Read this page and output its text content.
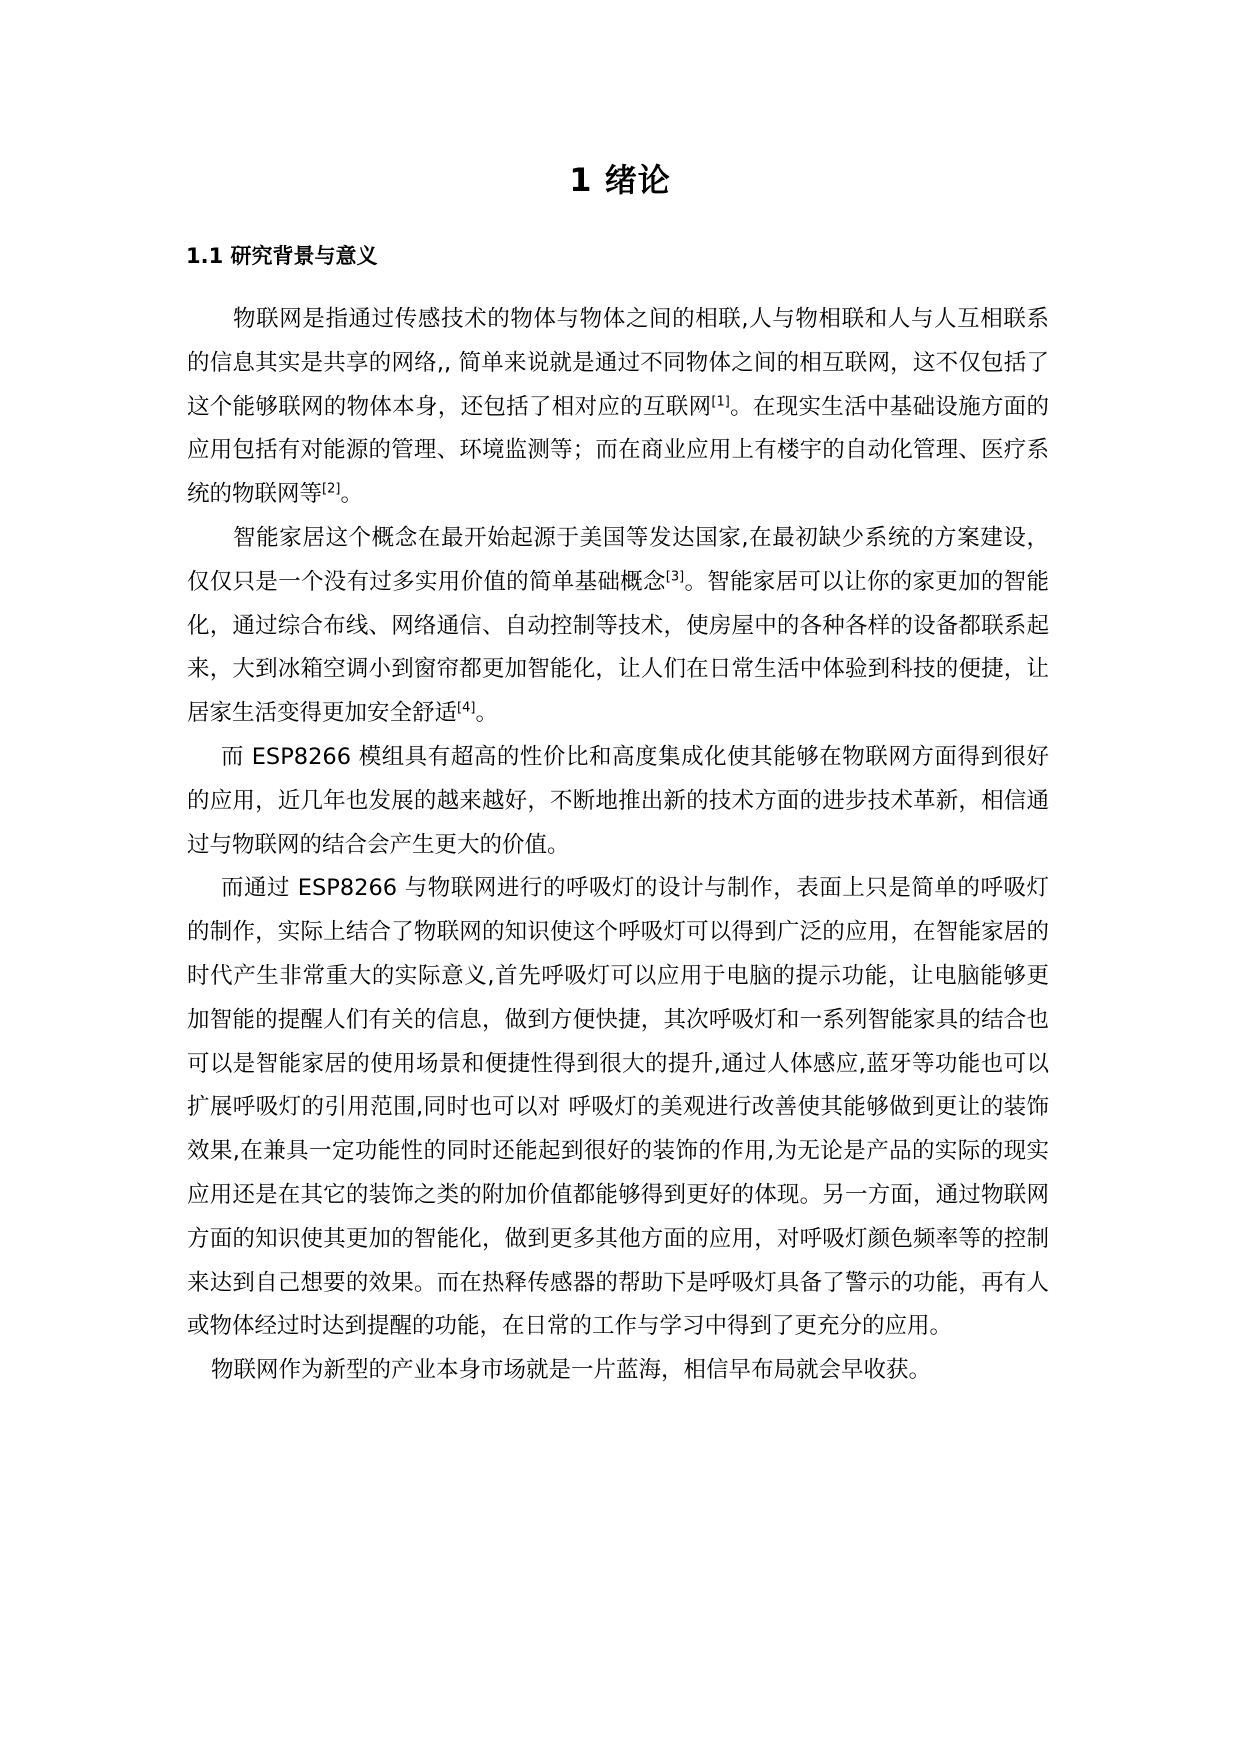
1 绪论
1.1 研究背景与意义

物联网是指通过传感技术的物体与物体之间的相联,人与物相联和人与人互相联系的信息其实是共享的网络,, 简单来说就是通过不同物体之间的相互联网，这不仅包括了这个能够联网的物体本身，还包括了相对应的互联网[1]。在现实生活中基础设施方面的应用包括有对能源的管理、环境监测等；而在商业应用上有楼宇的自动化管理、医疗系统的物联网等[2]。

智能家居这个概念在最开始起源于美国等发达国家,在最初缺少系统的方案建设，仅仅只是一个没有过多实用价值的简单基础概念[3]。智能家居可以让你的家更加的智能化，通过综合布线、网络通信、自动控制等技术，使房屋中的各种各样的设备都联系起来，大到冰箱空调小到窗帘都更加智能化，让人们在日常生活中体验到科技的便捷，让居家生活变得更加安全舒适[4]。

而 ESP8266 模组具有超高的性价比和高度集成化使其能够在物联网方面得到很好的应用，近几年也发展的越来越好，不断地推出新的技术方面的进步技术革新，相信通过与物联网的结合会产生更大的价值。

而通过 ESP8266 与物联网进行的呼吸灯的设计与制作，表面上只是简单的呼吸灯的制作，实际上结合了物联网的知识使这个呼吸灯可以得到广泛的应用，在智能家居的时代产生非常重大的实际意义,首先呼吸灯可以应用于电脑的提示功能，让电脑能够更加智能的提醒人们有关的信息，做到方便快捷，其次呼吸灯和一系列智能家具的结合也可以是智能家居的使用场景和便捷性得到很大的提升,通过人体感应,蓝牙等功能也可以扩展呼吸灯的引用范围,同时也可以对 呼吸灯的美观进行改善使其能够做到更让的装饰效果,在兼具一定功能性的同时还能起到很好的装饰的作用,为无论是产品的实际的现实应用还是在其它的装饰之类的附加价值都能够得到更好的体现。另一方面，通过物联网方面的知识使其更加的智能化，做到更多其他方面的应用，对呼吸灯颜色频率等的控制来达到自己想要的效果。而在热释传感器的帮助下是呼吸灯具备了警示的功能，再有人或物体经过时达到提醒的功能，在日常的工作与学习中得到了更充分的应用。

物联网作为新型的产业本身市场就是一片蓝海，相信早布局就会早收获。
